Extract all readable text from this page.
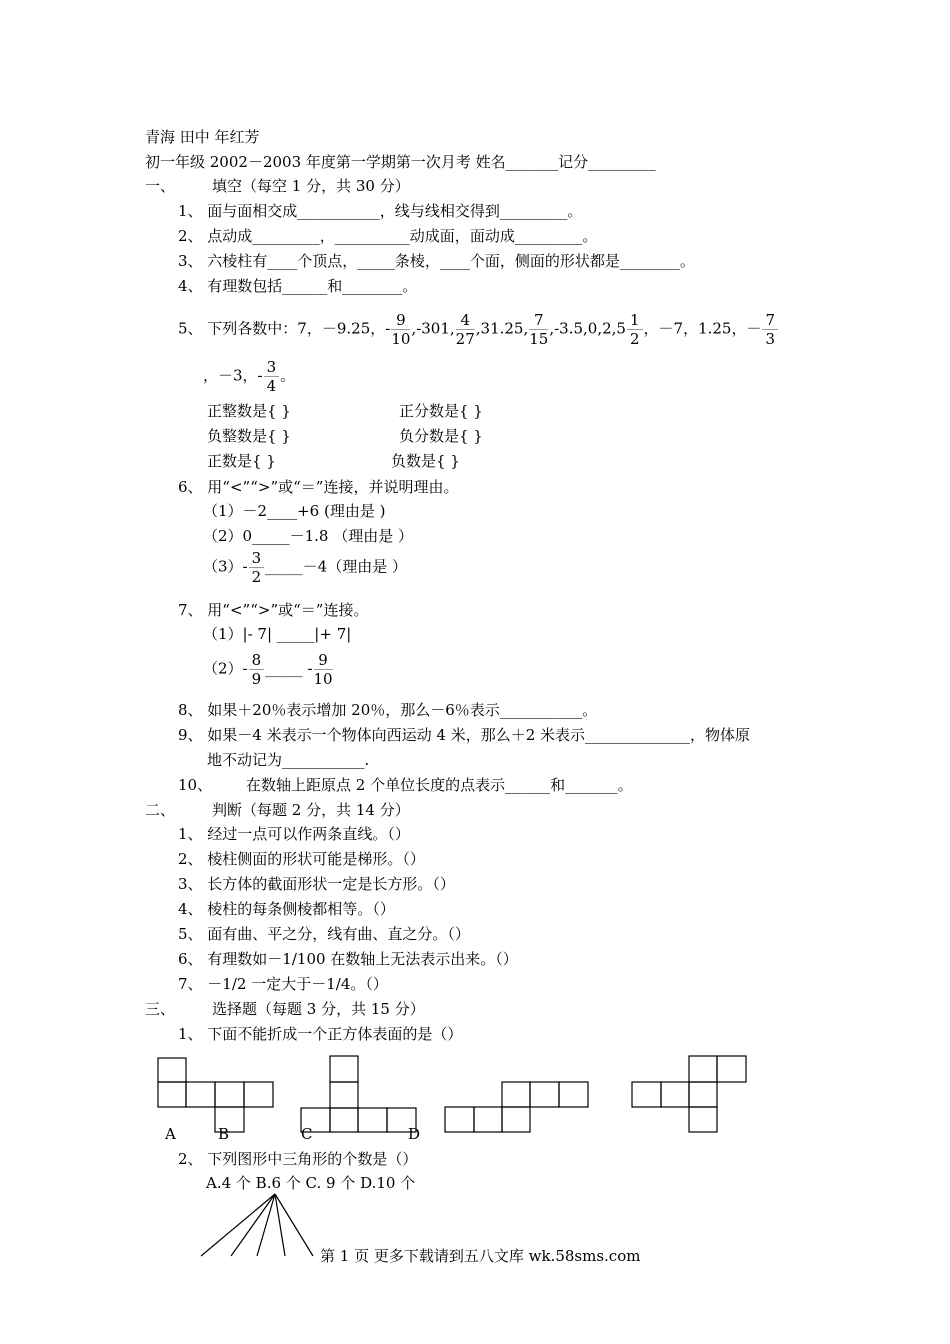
青海 田中 年红芳
初一年级 2002－2003 年度第一学期第一次月考 姓名_______记分_________
一、 填空（每空 1 分，共 30 分）
1、 面与面相交成___________，线与线相交得到_________。
2、 点动成_________，__________动成面，面动成_________。
3、 六棱柱有____个顶点，_____条棱，____个面，侧面的形状都是________。
4、 有理数包括______和________。
5、 下列各数中：7，－9.25，- $\frac{9}{10} ,-301$, $\frac{4}{27} ,31.25$, $\frac{7}{15} ,-3.5,0,2,5 \frac{1}{2}$ ，－7，1.25，－ $\frac{7}{3}$
，－3，- $\frac{3}{4}$ 。
正整数是{ }	正分数是{ }
负整数是{ }	负分数是{ }
正数是{ }	负数是{ }
6、 用“<”“>”或“＝”连接，并说明理由。
（1）－2____+6 (理由是 )
（2）0_____－1.8 （理由是 ）
$(3)- \frac{3}{2}$ _____－4（理由是 ）
7、 用“<”“>”或“＝”连接。
（1）|- 7| _____|+ 7|
$(2)- \frac{8}{9}$ _____ - $\frac{9}{10}$
8、 如果＋20％表示增加 20％，那么－6％表示___________。
9、 如果－4 米表示一个物体向西运动 4 米，那么＋2 米表示______________，物体原
地不动记为___________.
10、 在数轴上距原点 2 个单位长度的点表示______和_______。
二、 判断（每题 2 分，共 14 分）
1、 经过一点可以作两条直线。（）
2、 棱柱侧面的形状可能是梯形。（）
3、 长方体的截面形状一定是长方形。（）
4、 棱柱的每条侧棱都相等。（）
5、 面有曲、平之分，线有曲、直之分。（）
6、 有理数如－1/100 在数轴上无法表示出来。（）
7、 －1/2 一定大于－1/4。（）
三、 选择题（每题 3 分，共 15 分）
1、 下面不能折成一个正方体表面的是（）
A	B	C	D
2、 下列图形中三角形的个数是（）
A.4 个 B.6 个 C. 9 个 D.10 个
第 1 页 更多下载请到五八文库 wk.58sms.com
